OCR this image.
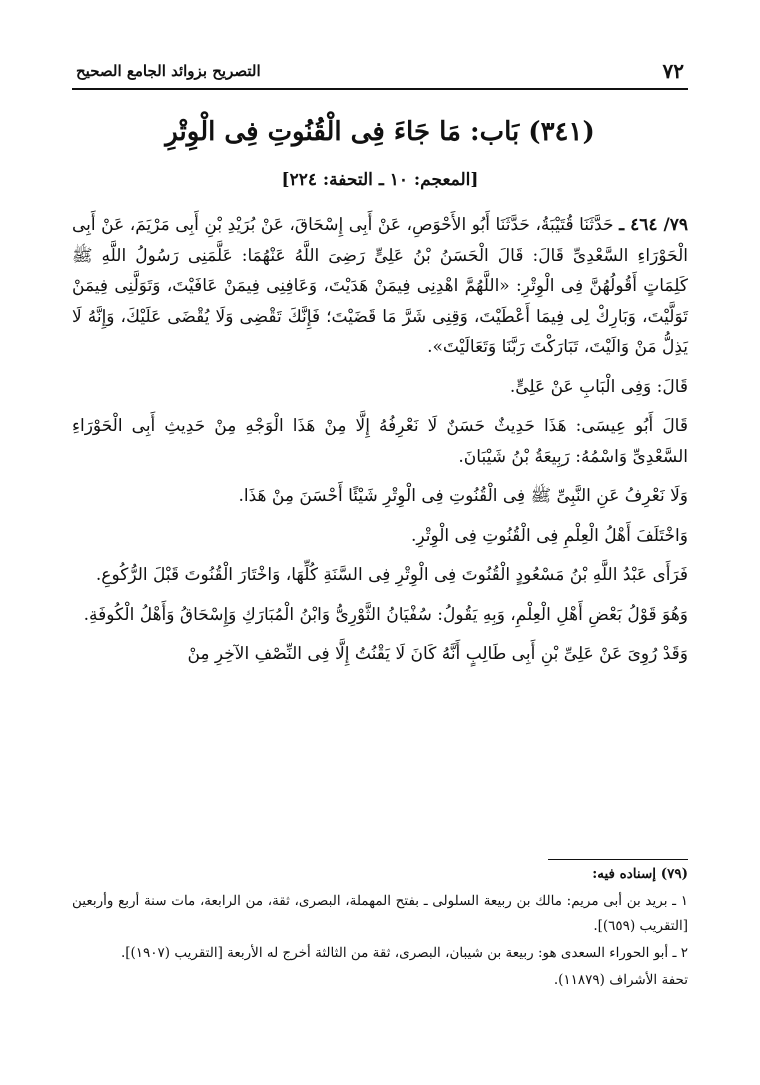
٧٢
التصريح بزوائد الجامع الصحيح
(٣٤١) بَاب: مَا جَاءَ فِى الْقُنُوتِ فِى الْوِتْرِ
[المعجم: ١٠ ـ التحفة: ٢٢٤]

٧٩/ ٤٦٤ ـ حَدَّثَنَا قُتَيْبَةُ، حَدَّثَنَا أَبُو الأَحْوَصِ، عَنْ أَبِى إِسْحَاقَ، عَنْ بُرَيْدِ بْنِ أَبِى مَرْيَمَ، عَنْ أَبِى الْحَوْرَاءِ السَّعْدِىِّ قَالَ: قَالَ الْحَسَنُ بْنُ عَلِىٍّ رَضِىَ اللَّهُ عَنْهُمَا: عَلَّمَنِى رَسُولُ اللَّهِ ﷺ كَلِمَاتٍ أَقُولُهُنَّ فِى الْوِتْرِ: «اللَّهُمَّ اهْدِنِى فِيمَنْ هَدَيْتَ، وَعَافِنِى فِيمَنْ عَافَيْتَ، وَتَوَلَّنِى فِيمَنْ تَوَلَّيْتَ، وَبَارِكْ لِى فِيمَا أَعْطَيْتَ، وَقِنِى شَرَّ مَا قَضَيْتَ؛ فَإِنَّكَ تَقْضِى وَلَا يُقْضَى عَلَيْكَ، وَإِنَّهُ لَا يَذِلُّ مَنْ وَالَيْتَ، تَبَارَكْتَ رَبَّنَا وَتَعَالَيْتَ».

قَالَ: وَفِى الْبَابِ عَنْ عَلِىٍّ.

قَالَ أَبُو عِيسَى: هَذَا حَدِيثٌ حَسَنٌ لَا نَعْرِفُهُ إِلَّا مِنْ هَذَا الْوَجْهِ مِنْ حَدِيثِ أَبِى الْحَوْرَاءِ السَّعْدِىِّ وَاسْمُهُ: رَبِيعَةُ بْنُ شَيْبَانَ.

وَلَا نَعْرِفُ عَنِ النَّبِىِّ ﷺ فِى الْقُنُوتِ فِى الْوِتْرِ شَيْئًا أَحْسَنَ مِنْ هَذَا.

وَاخْتَلَفَ أَهْلُ الْعِلْمِ فِى الْقُنُوتِ فِى الْوِتْرِ.

فَرَأَى عَبْدُ اللَّهِ بْنُ مَسْعُودٍ الْقُنُوتَ فِى الْوِتْرِ فِى السَّنَةِ كُلِّهَا، وَاخْتَارَ الْقُنُوتَ قَبْلَ الرُّكُوعِ.

وَهُوَ قَوْلُ بَعْضِ أَهْلِ الْعِلْمِ، وَبِهِ يَقُولُ: سُفْيَانُ الثَّوْرِىُّ وَابْنُ الْمُبَارَكِ وَإِسْحَاقُ وَأَهْلُ الْكُوفَةِ.

وَقَدْ رُوِىَ عَنْ عَلِىِّ بْنِ أَبِى طَالِبٍ أَنَّهُ كَانَ لَا يَقْنُتُ إِلَّا فِى النِّصْفِ الآخِرِ مِنْ

(٧٩) إسناده فيه:

١ ـ بريد بن أبى مريم: مالك بن ربيعة السلولى ـ بفتح المهملة، البصرى، ثقة، من الرابعة، مات سنة أربع وأربعين [التقريب (٦٥٩)].

٢ ـ أبو الحوراء السعدى هو: ربيعة بن شيبان، البصرى، ثقة من الثالثة أخرج له الأربعة [التقريب (١٩٠٧)].

تحفة الأشراف (١١٨٧٩).
